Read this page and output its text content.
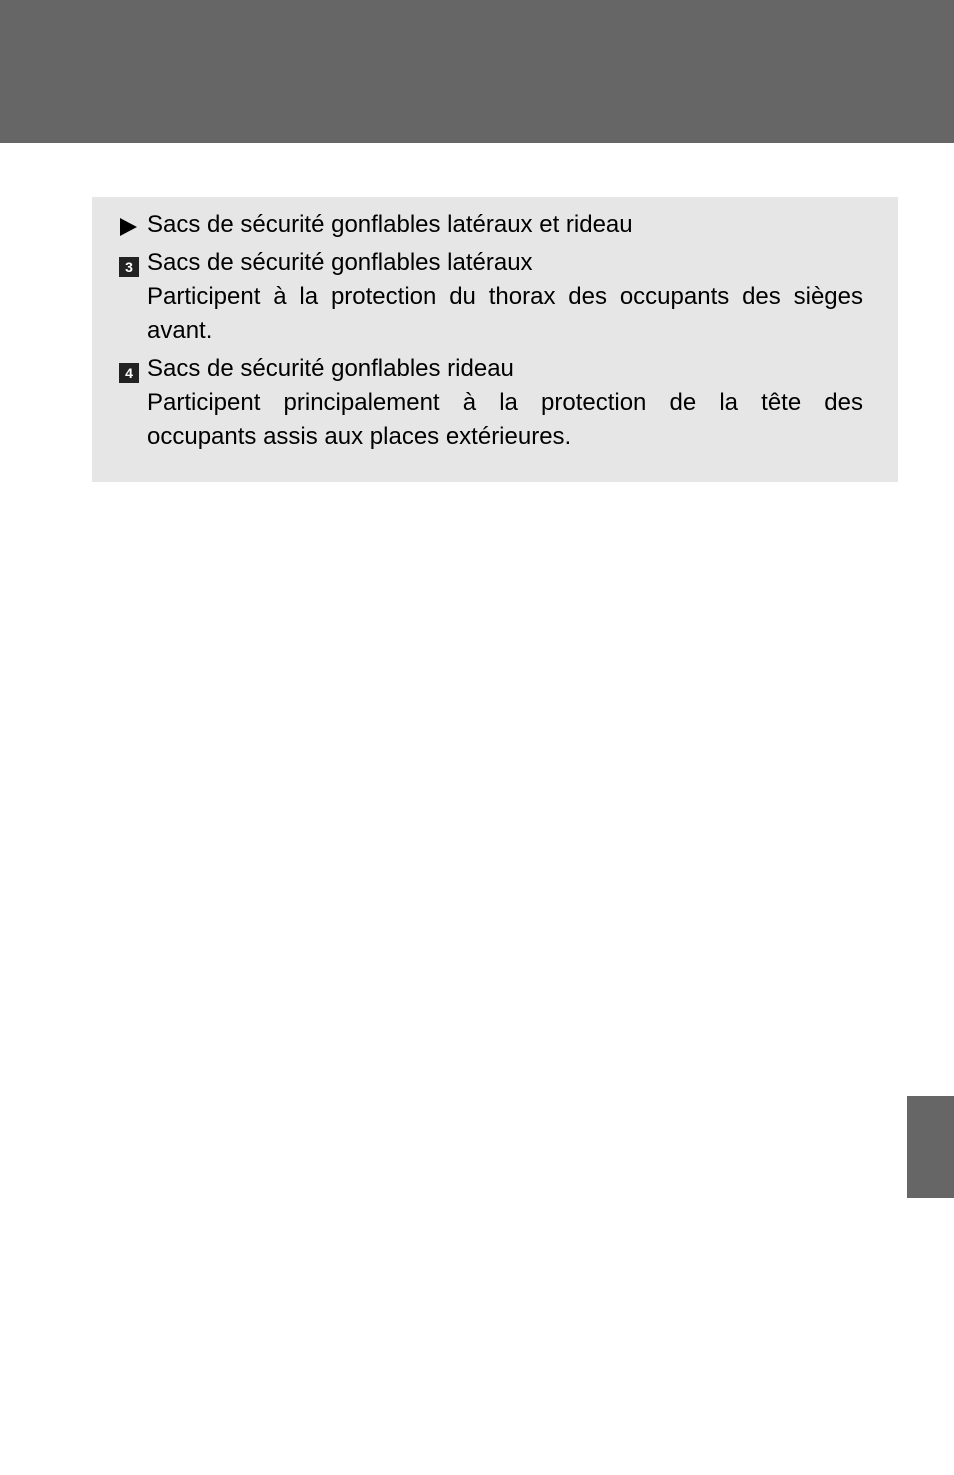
Sacs de sécurité gonflables latéraux et rideau
3 Sacs de sécurité gonflables latéraux
Participent à la protection du thorax des occupants des sièges
avant.
4 Sacs de sécurité gonflables rideau
Participent principalement à la protection de la tête des
occupants assis aux places extérieures.
